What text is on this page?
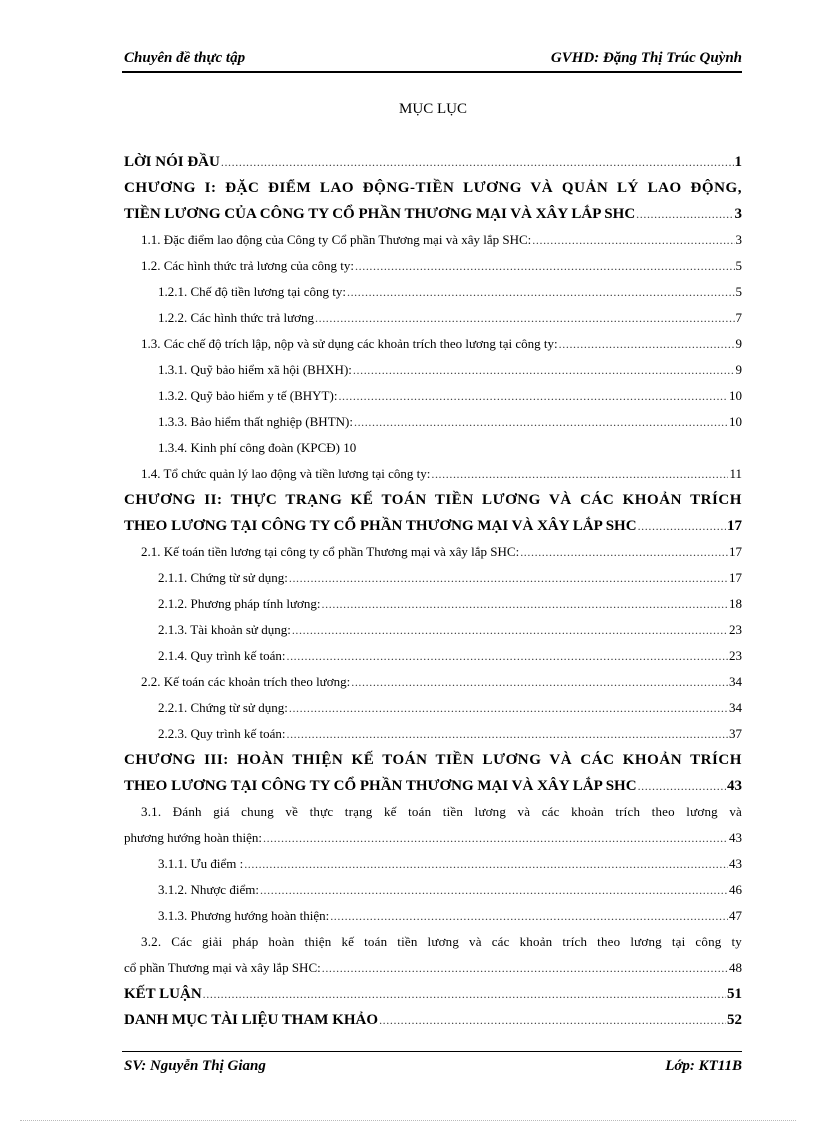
Chuyên đề thực tập	GVHD: Đặng Thị Trúc Quỳnh
MỤC LỤC
LỜI NÓI ĐẦU . . .	1
CHƯƠNG I: ĐẶC ĐIỂM LAO ĐỘNG-TIỀN LƯƠNG VÀ QUẢN LÝ LAO ĐỘNG,
TIỀN LƯƠNG CỦA CÔNG TY CỔ PHẦN THƯƠNG MẠI VÀ XÂY LẮP SHC . . .	3
1.1. Đặc điểm lao động của Công ty Cổ phần Thương mại và xây lắp SHC: . . .	3
1.2. Các hình thức trả lương của công ty: . . .	5
1.2.1. Chế độ tiền lương tại công ty: . . .	5
1.2.2. Các hình thức trả lương . . .	7
1.3. Các chế độ trích lập, nộp và sử dụng các khoản trích theo lương tại công ty: . . .	9
1.3.1. Quỹ bảo hiểm xã hội (BHXH): . . .	9
1.3.2. Quỹ bảo hiểm y tế (BHYT): . . .	10
1.3.3. Bảo hiểm thất nghiệp (BHTN): . . .	10
1.3.4. Kinh phí công đoàn (KPCĐ) 10
1.4. Tổ chức quản lý lao động và tiền lương tại công ty: . . .	11
CHƯƠNG II: THỰC TRẠNG KẾ TOÁN TIỀN LƯƠNG VÀ CÁC KHOẢN TRÍCH
THEO LƯƠNG TẠI CÔNG TY CỔ PHẦN THƯƠNG MẠI VÀ XÂY LẮP SHC . . .	17
2.1. Kế toán tiền lương tại công ty cổ phần Thương mại và xây lắp SHC: . . .	17
2.1.1. Chứng từ sử dụng: . . .	17
2.1.2. Phương pháp tính lương: . . .	18
2.1.3. Tài khoản sử dụng: . . .	23
2.1.4. Quy trình kế toán: . . .	23
2.2. Kế toán các khoản trích theo lương: . . .	34
2.2.1. Chứng từ sử dụng: . . .	34
2.2.3. Quy trình kế toán: . . .	37
CHƯƠNG III: HOÀN THIỆN KẾ TOÁN TIỀN LƯƠNG VÀ CÁC KHOẢN TRÍCH
THEO LƯƠNG TẠI CÔNG TY CỔ PHẦN THƯƠNG MẠI VÀ XÂY LẮP SHC . . .	43
3.1. Đánh giá chung về thực trạng kế toán tiền lương và các khoản trích theo lương và
phương hướng hoàn thiện: . . .	43
3.1.1. Ưu điểm : . . .	43
3.1.2. Nhược điểm: . . .	46
3.1.3. Phương hướng hoàn thiện: . . .	47
3.2. Các giải pháp hoàn thiện kế toán tiền lương và các khoản trích theo lương tại công ty
cổ phần Thương mại và xây lắp SHC: . . .	48
KẾT LUẬN . . .	51
DANH MỤC TÀI LIỆU THAM KHẢO . . .	52
SV: Nguyễn Thị Giang	Lớp: KT11B
